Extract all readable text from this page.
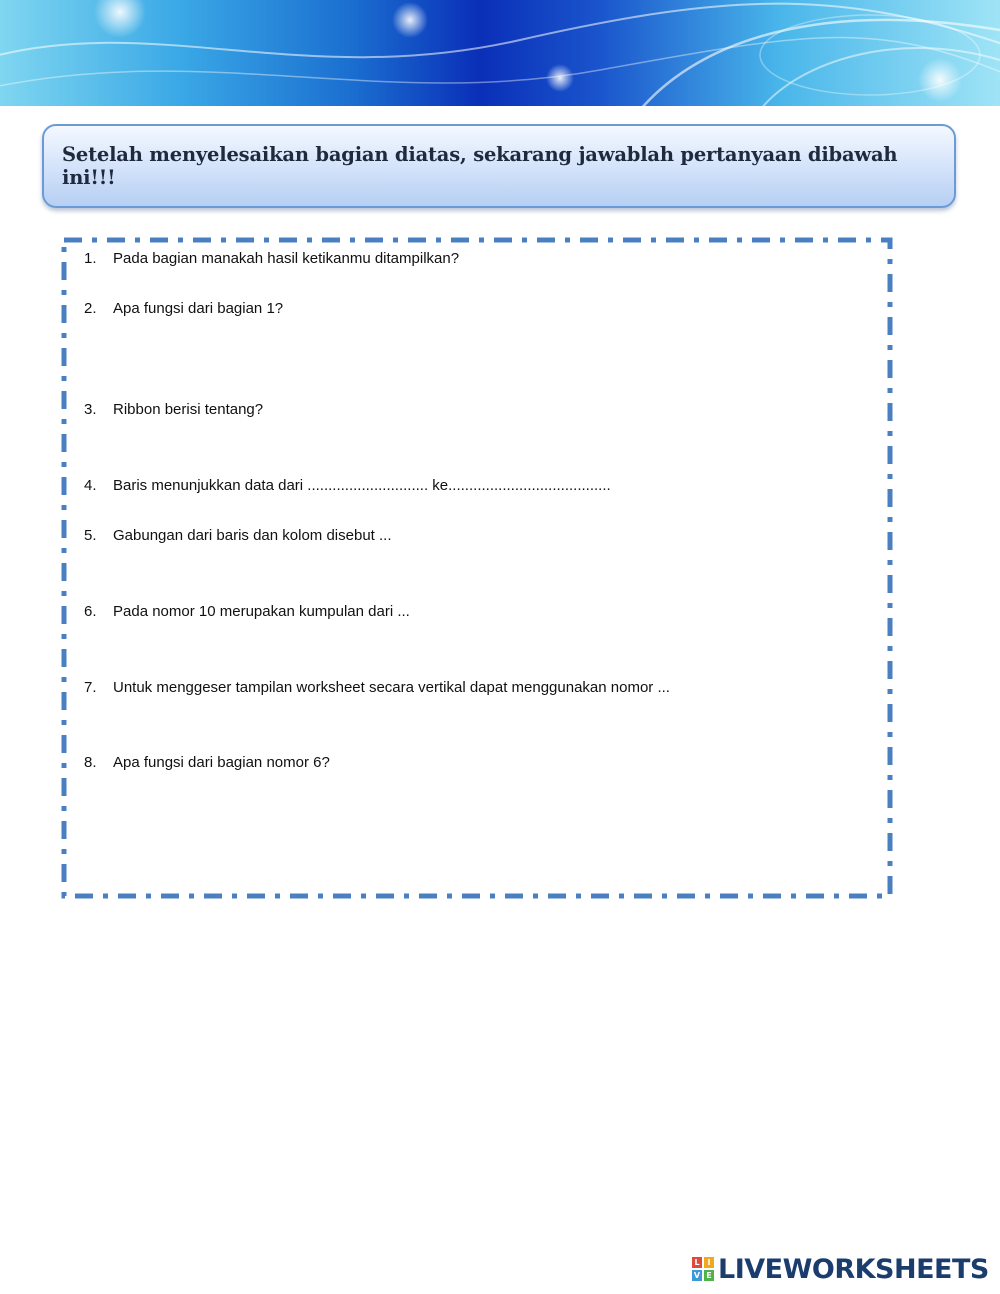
Setelah menyelesaikan bagian diatas, sekarang jawablah pertanyaan dibawah ini!!!
1. Pada bagian manakah hasil ketikanmu ditampilkan?
2. Apa fungsi dari bagian 1?
3. Ribbon berisi tentang?
4. Baris menunjukkan data dari ............................. ke.......................................
5. Gabungan dari baris dan kolom disebut ...
6. Pada nomor 10 merupakan kumpulan dari ...
7. Untuk menggeser tampilan worksheet secara vertikal dapat menggunakan nomor ...
8. Apa fungsi dari bagian nomor 6?
L I
V E LIVEWORKSHEETS
